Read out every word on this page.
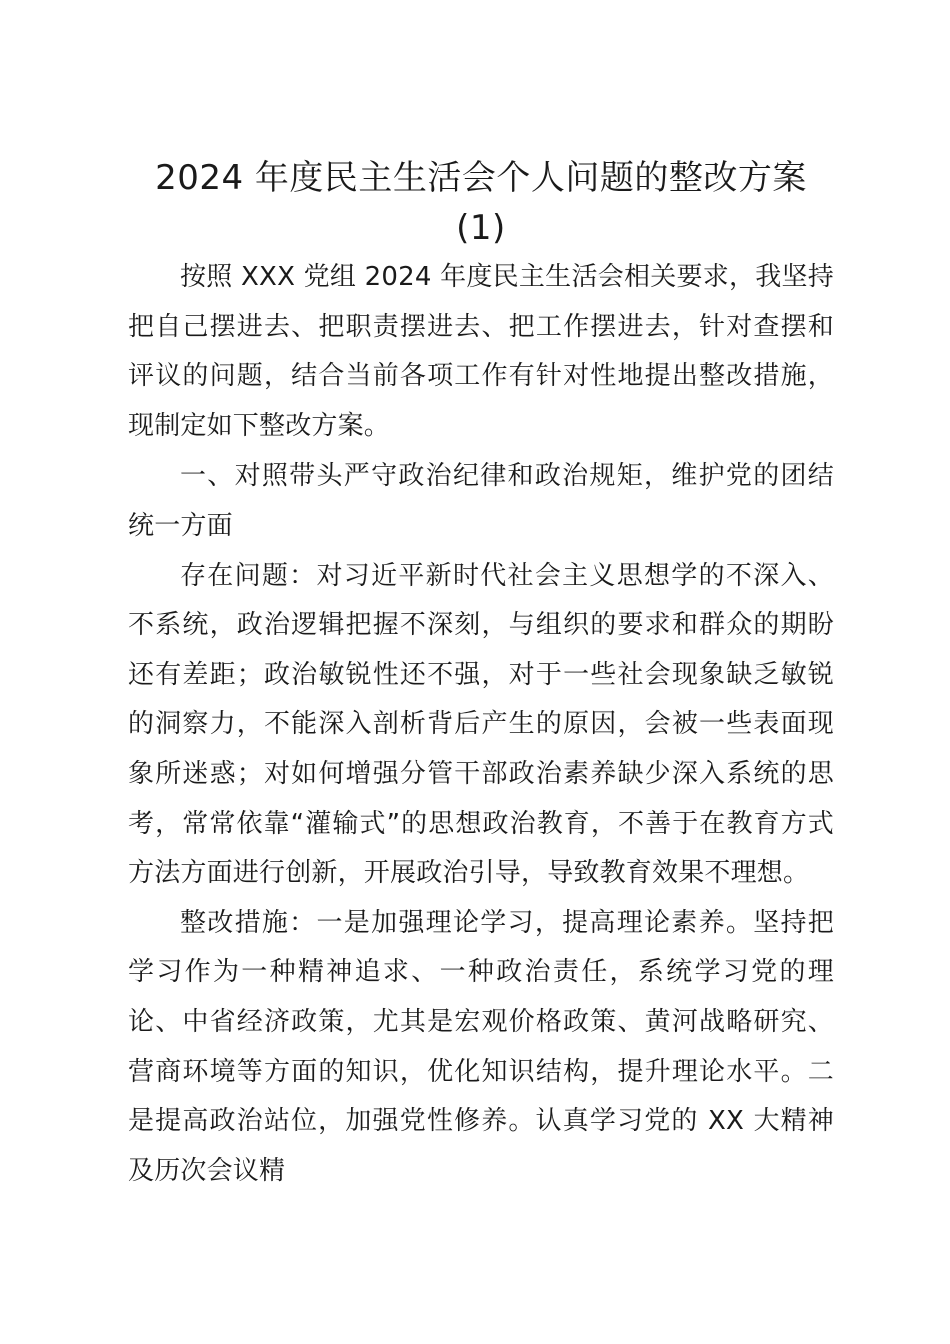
2024 年度民主生活会个人问题的整改方案
(1)

按照 XXX 党组 2024 年度民主生活会相关要求，我坚持把自己摆进去、把职责摆进去、把工作摆进去，针对查摆和评议的问题，结合当前各项工作有针对性地提出整改措施，现制定如下整改方案。

一、对照带头严守政治纪律和政治规矩，维护党的团结统一方面

存在问题：对习近平新时代社会主义思想学的不深入、不系统，政治逻辑把握不深刻，与组织的要求和群众的期盼还有差距；政治敏锐性还不强，对于一些社会现象缺乏敏锐的洞察力，不能深入剖析背后产生的原因，会被一些表面现象所迷惑；对如何增强分管干部政治素养缺少深入系统的思考，常常依靠“灌输式”的思想政治教育，不善于在教育方式方法方面进行创新，开展政治引导，导致教育效果不理想。

整改措施：一是加强理论学习，提高理论素养。坚持把学习作为一种精神追求、一种政治责任，系统学习党的理论、中省经济政策，尤其是宏观价格政策、黄河战略研究、营商环境等方面的知识，优化知识结构，提升理论水平。二是提高政治站位，加强党性修养。认真学习党的 XX 大精神及历次会议精
